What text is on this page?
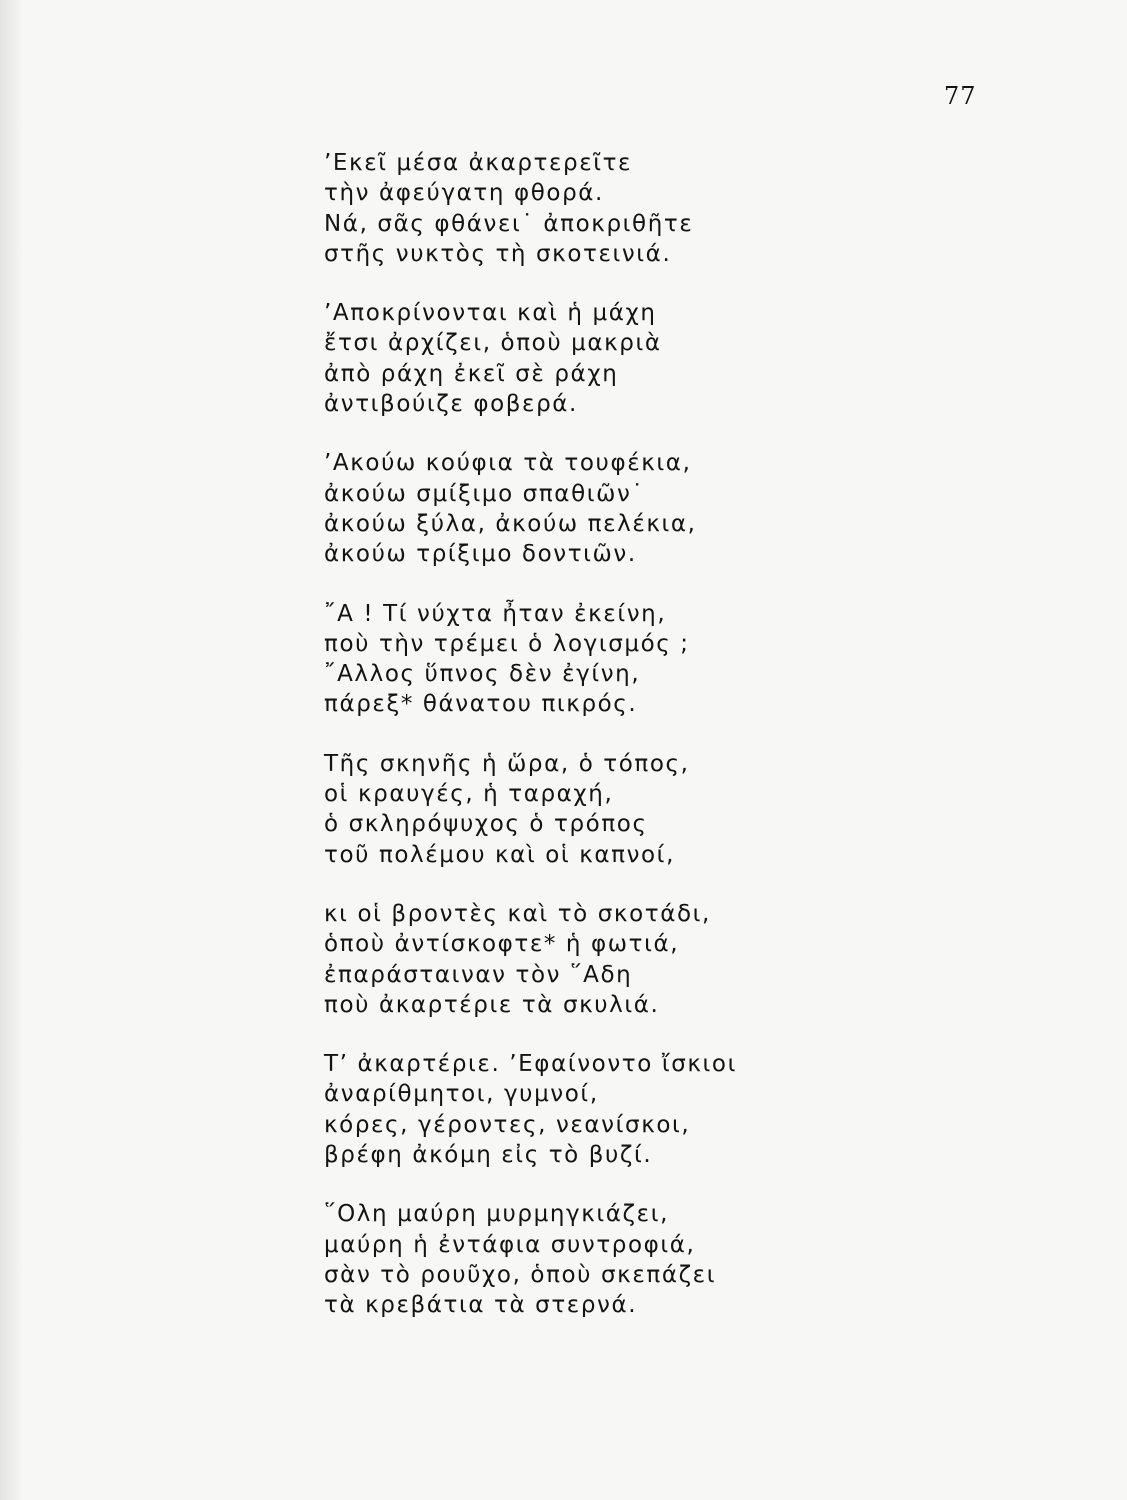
77
’Εκεῖ μέσα ἀκαρτερεῖτε
τὴν ἀφεύγατη φθορά.
Νά, σᾶς φθάνει˙ ἀποκριθῆτε
στῆς νυκτὸς τὴ σκοτεινιά.
’Αποκρίνονται καὶ ἡ μάχη
ἔτσι ἀρχίζει, ὁποὺ μακριὰ
ἀπὸ ράχη ἐκεῖ σὲ ράχη
ἀντιβούιζε φοβερά.
’Ακούω κούφια τὰ τουφέκια,
ἀκούω σμίξιμο σπαθιῶν˙
ἀκούω ξύλα, ἀκούω πελέκια,
ἀκούω τρίξιμο δοντιῶν.
῎Α ! Τί νύχτα ἦταν ἐκείνη,
ποὺ τὴν τρέμει ὁ λογισμός ;
῎Αλλος ὕπνος δὲν ἐγίνη,
πάρεξ* θάνατου πικρός.
Τῆς σκηνῆς ἡ ὥρα, ὁ τόπος,
οἱ κραυγές, ἡ ταραχή,
ὁ σκληρόψυχος ὁ τρόπος
τοῦ πολέμου καὶ οἱ καπνοί,
κι οἱ βροντὲς καὶ τὸ σκοτάδι,
ὁποὺ ἀντίσκοφτε* ἡ φωτιά,
ἐπαράσταιναν τὸν ῞Αδη
ποὺ ἀκαρτέριε τὰ σκυλιά.
Τ’ ἀκαρτέριε. ’Εφαίνοντο ἴσκιοι
ἀναρίθμητοι, γυμνοί,
κόρες, γέροντες, νεανίσκοι,
βρέφη ἀκόμη εἰς τὸ βυζί.
῞Ολη μαύρη μυρμηγκιάζει,
μαύρη ἡ ἐντάφια συντροφιά,
σὰν τὸ ρουῦχο, ὁποὺ σκεπάζει
τὰ κρεβάτια τὰ στερνά.
